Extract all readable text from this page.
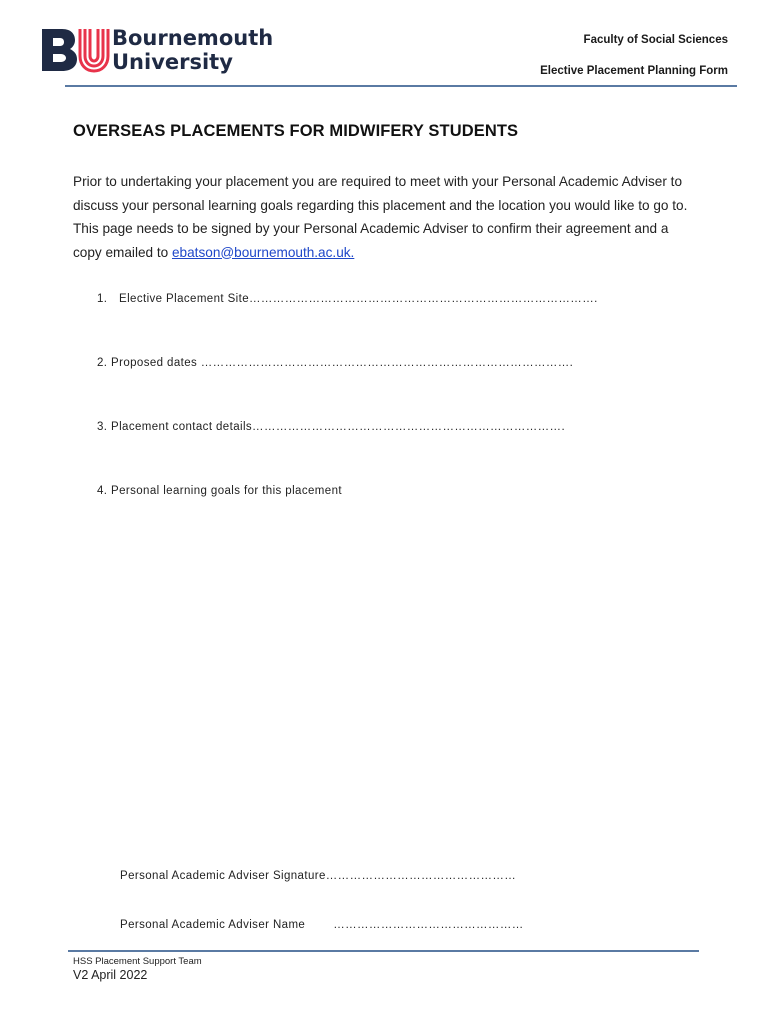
Bournemouth
University
Faculty of Social Sciences
Elective Placement Planning Form
OVERSEAS PLACEMENTS FOR MIDWIFERY STUDENTS
Prior to undertaking your placement you are required to meet with your Personal Academic Adviser to discuss your personal learning goals regarding this placement and the location you would like to go to. This page needs to be signed by your Personal Academic Adviser to confirm their agreement and a copy emailed to ebatson@bournemouth.ac.uk.
1. Elective Placement Site…………………………………………………………………………….
2. Proposed dates ………………………………………………………………………………….
3. Placement contact details…………………………………………………………………….
4. Personal learning goals for this placement
Personal Academic Adviser Signature…………………………………………
Personal Academic Adviser Name …………………………………………
HSS Placement Support Team
V2 April 2022
